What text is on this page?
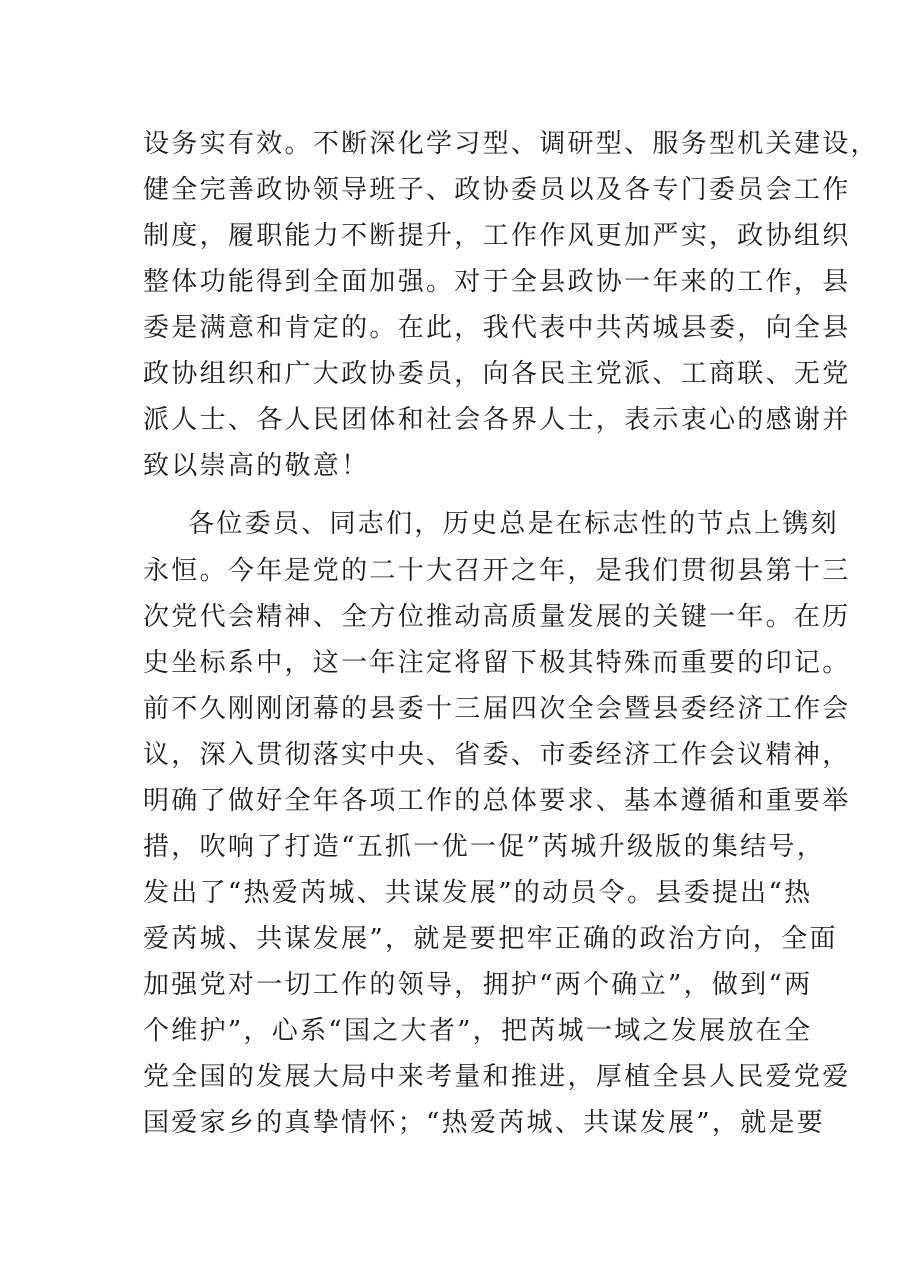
设务实有效。不断深化学习型、调研型、服务型机关建设，
健全完善政协领导班子、政协委员以及各专门委员会工作
制度，履职能力不断提升，工作作风更加严实，政协组织
整体功能得到全面加强。对于全县政协一年来的工作，县
委是满意和肯定的。在此，我代表中共芮城县委，向全县
政协组织和广大政协委员，向各民主党派、工商联、无党
派人士、各人民团体和社会各界人士，表示衷心的感谢并
致以崇高的敬意！
各位委员、同志们，历史总是在标志性的节点上镌刻
永恒。今年是党的二十大召开之年，是我们贯彻县第十三
次党代会精神、全方位推动高质量发展的关键一年。在历
史坐标系中，这一年注定将留下极其特殊而重要的印记。
前不久刚刚闭幕的县委十三届四次全会暨县委经济工作会
议，深入贯彻落实中央、省委、市委经济工作会议精神，
明确了做好全年各项工作的总体要求、基本遵循和重要举
措，吹响了打造“五抓一优一促”芮城升级版的集结号，
发出了“热爱芮城、共谋发展”的动员令。县委提出“热
爱芮城、共谋发展”，就是要把牢正确的政治方向，全面
加强党对一切工作的领导，拥护“两个确立”，做到“两
个维护”，心系“国之大者”，把芮城一域之发展放在全
党全国的发展大局中来考量和推进，厚植全县人民爱党爱
国爱家乡的真挚情怀；“热爱芮城、共谋发展”，就是要
